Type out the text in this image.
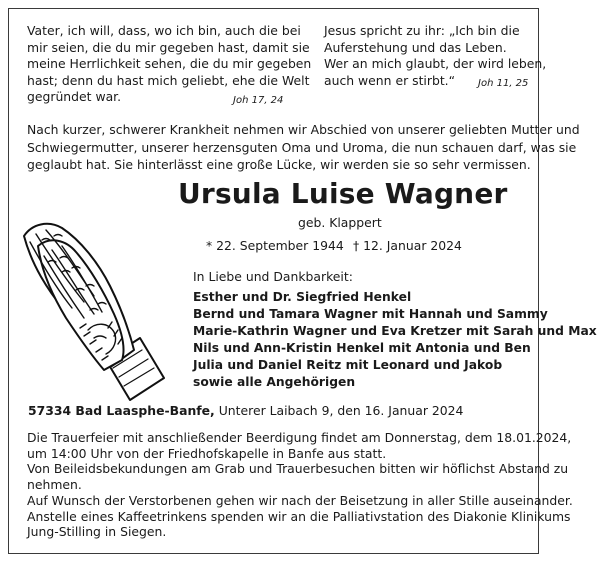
Vater, ich will, dass, wo ich bin, auch die bei
mir seien, die du mir gegeben hast, damit sie
meine Herrlichkeit sehen, die du mir gegeben
hast; denn du hast mich geliebt, ehe die Welt
gegründet war.	Joh 17, 24
Jesus spricht zu ihr: „Ich bin die
Auferstehung und das Leben.
Wer an mich glaubt, der wird leben,
auch wenn er stirbt.“	Joh 11, 25
Nach kurzer, schwerer Krankheit nehmen wir Abschied von unserer geliebten Mutter und
Schwiegermutter, unserer herzensguten Oma und Uroma, die nun schauen darf, was sie
geglaubt hat. Sie hinterlässt eine große Lücke, wir werden sie so sehr vermissen.
Ursula Luise Wagner
geb. Klappert
* 22. September 1944 † 12. Januar 2024
In Liebe und Dankbarkeit:
Esther und Dr. Siegfried Henkel
Bernd und Tamara Wagner mit Hannah und Sammy
Marie-Kathrin Wagner und Eva Kretzer mit Sarah und Max
Nils und Ann-Kristin Henkel mit Antonia und Ben
Julia und Daniel Reitz mit Leonard und Jakob
sowie alle Angehörigen
57334 Bad Laasphe-Banfe, Unterer Laibach 9, den 16. Januar 2024
Die Trauerfeier mit anschließender Beerdigung findet am Donnerstag, dem 18.01.2024,
um 14:00 Uhr von der Friedhofskapelle in Banfe aus statt.
Von Beileidsbekundungen am Grab und Trauerbesuchen bitten wir höflichst Abstand zu
nehmen.
Auf Wunsch der Verstorbenen gehen wir nach der Beisetzung in aller Stille auseinander.
Anstelle eines Kaffeetrinkens spenden wir an die Palliativstation des Diakonie Klinikums
Jung-Stilling in Siegen.
